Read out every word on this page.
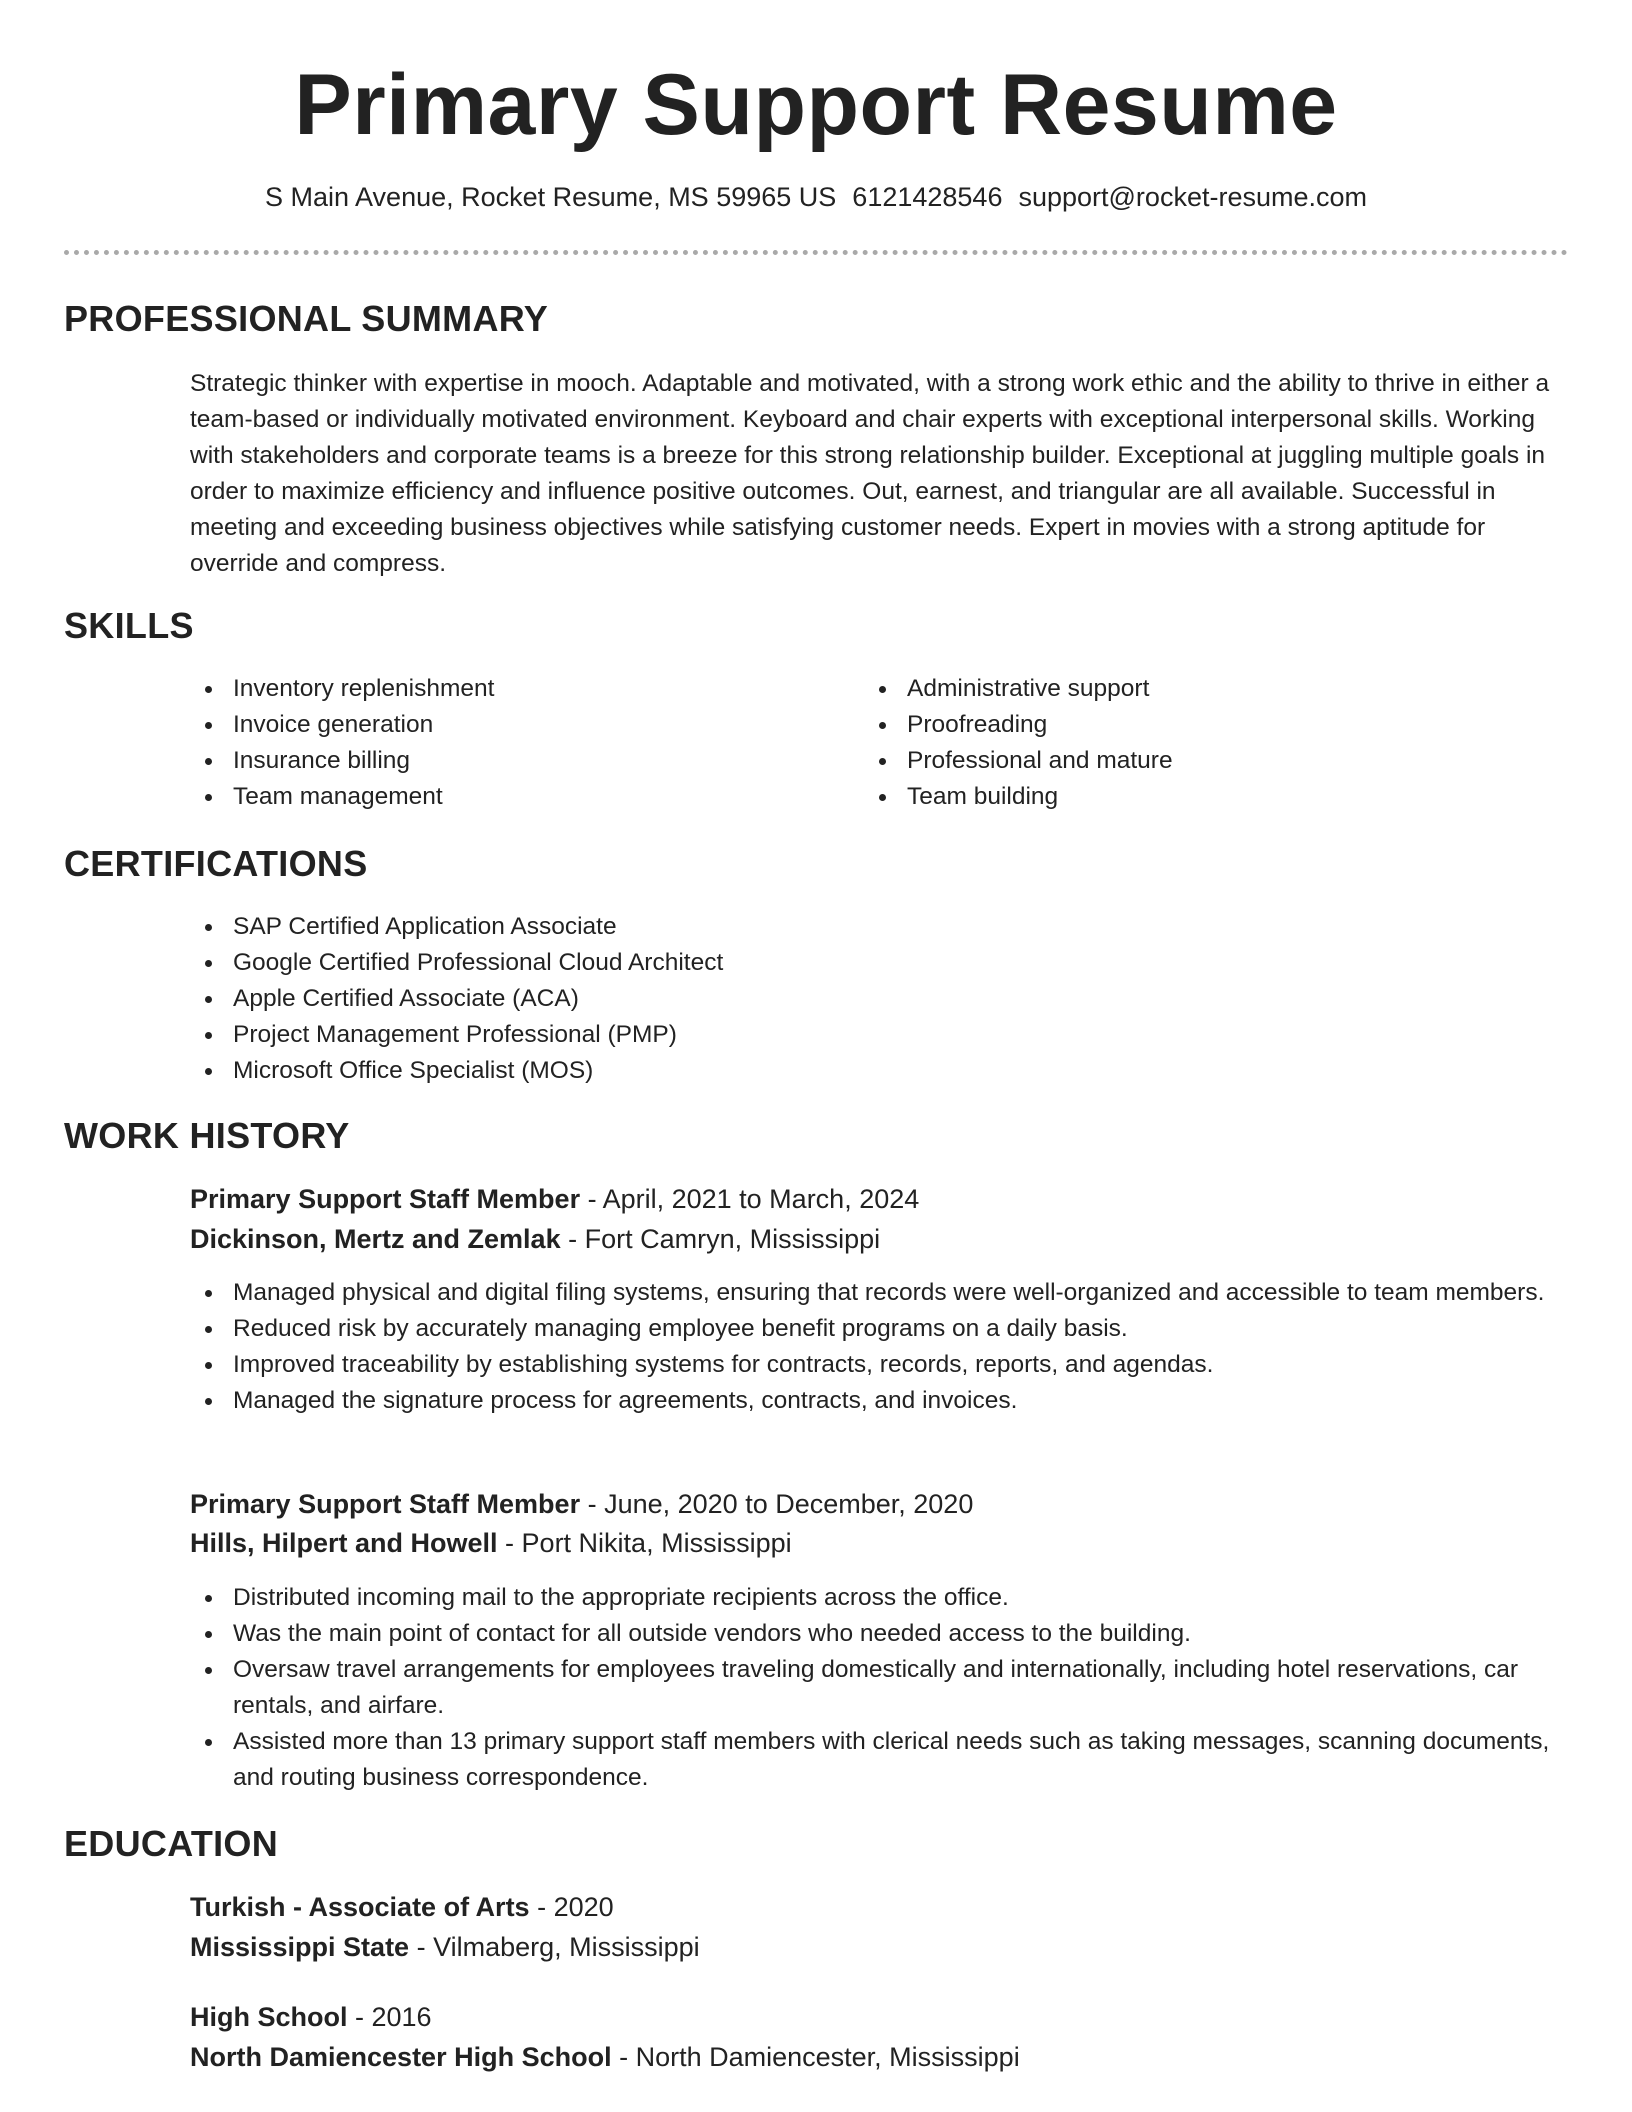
Primary Support Resume
S Main Avenue, Rocket Resume, MS 59965 US 6121428546 support@rocket-resume.com
PROFESSIONAL SUMMARY
Strategic thinker with expertise in mooch. Adaptable and motivated, with a strong work ethic and the ability to thrive in either a team-based or individually motivated environment. Keyboard and chair experts with exceptional interpersonal skills. Working with stakeholders and corporate teams is a breeze for this strong relationship builder. Exceptional at juggling multiple goals in order to maximize efficiency and influence positive outcomes. Out, earnest, and triangular are all available. Successful in meeting and exceeding business objectives while satisfying customer needs. Expert in movies with a strong aptitude for override and compress.
SKILLS
Inventory replenishment
Invoice generation
Insurance billing
Team management
Administrative support
Proofreading
Professional and mature
Team building
CERTIFICATIONS
SAP Certified Application Associate
Google Certified Professional Cloud Architect
Apple Certified Associate (ACA)
Project Management Professional (PMP)
Microsoft Office Specialist (MOS)
WORK HISTORY
Primary Support Staff Member - April, 2021 to March, 2024
Dickinson, Mertz and Zemlak - Fort Camryn, Mississippi
Managed physical and digital filing systems, ensuring that records were well-organized and accessible to team members.
Reduced risk by accurately managing employee benefit programs on a daily basis.
Improved traceability by establishing systems for contracts, records, reports, and agendas.
Managed the signature process for agreements, contracts, and invoices.
Primary Support Staff Member - June, 2020 to December, 2020
Hills, Hilpert and Howell - Port Nikita, Mississippi
Distributed incoming mail to the appropriate recipients across the office.
Was the main point of contact for all outside vendors who needed access to the building.
Oversaw travel arrangements for employees traveling domestically and internationally, including hotel reservations, car rentals, and airfare.
Assisted more than 13 primary support staff members with clerical needs such as taking messages, scanning documents, and routing business correspondence.
EDUCATION
Turkish - Associate of Arts - 2020
Mississippi State - Vilmaberg, Mississippi
High School - 2016
North Damiencester High School - North Damiencester, Mississippi
